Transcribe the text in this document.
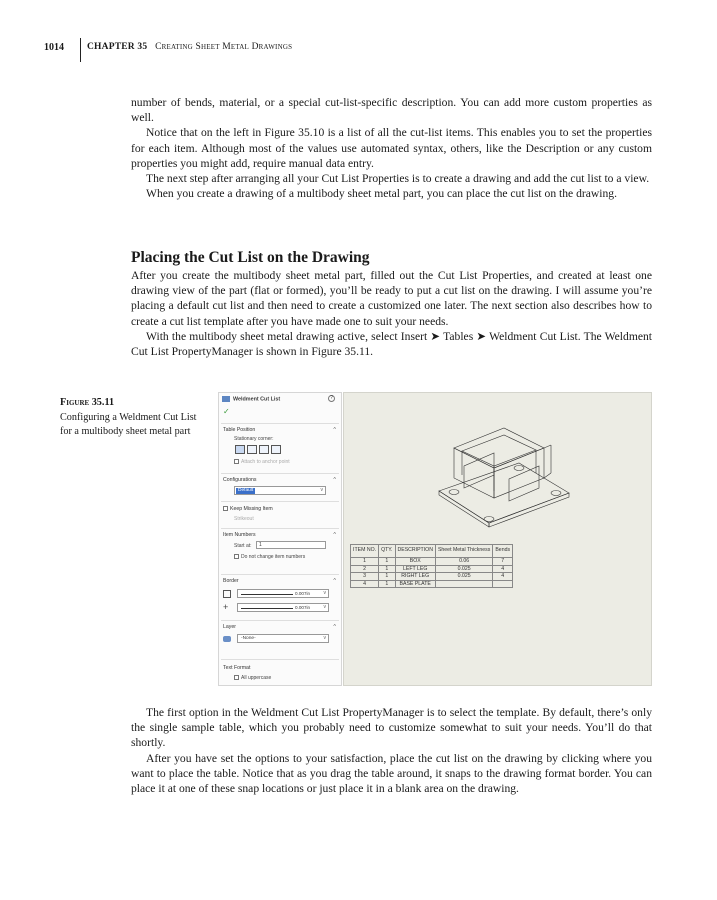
1014 CHAPTER 35 Creating Sheet Metal Drawings

number of bends, material, or a special cut-list-specific description. You can add more custom properties as well.

Notice that on the left in Figure 35.10 is a list of all the cut-list items. This enables you to set the properties for each item. Although most of the values use automated syntax, others, like the Description or any custom properties you might add, require manual data entry.

The next step after arranging all your Cut List Properties is to create a drawing and add the cut list to a view.

When you create a drawing of a multibody sheet metal part, you can place the cut list on the drawing.

Placing the Cut List on the Drawing

After you create the multibody sheet metal part, filled out the Cut List Properties, and created at least one drawing view of the part (flat or formed), you’ll be ready to put a cut list on the drawing. I will assume you’re placing a default cut list and then need to create a customized one later. The next section also describes how to create a cut list template after you have made one to suit your needs.

With the multibody sheet metal drawing active, select Insert ➤ Tables ➤ Weldment Cut List. The Weldment Cut List PropertyManager is shown in Figure 35.11.

Figure 35.11
Configuring a Weldment Cut List for a multibody sheet metal part
Weldment Cut List	?
✓
Table Position	^
Stationary corner:
Attach to anchor point
Configurations	^
Default	v
Keep Missing Item
Strikeout
Item Numbers	^
Start at:	1
Do not change item numbers
Border	^
0.007in	v
+	0.007in	v
Layer	^
-None-	v
Text Format
All uppercase
ITEM NO.	QTY.	DESCRIPTION	Sheet Metal Thickness	Bends
1	1	BOX	0.06	7
2	1	LEFT LEG	0.025	4
3	1	RIGHT LEG	0.025	4
4	1	BASE PLATE		

The first option in the Weldment Cut List PropertyManager is to select the template. By default, there’s only the single sample table, which you probably need to customize somewhat to suit your needs. You’ll do that shortly.

After you have set the options to your satisfaction, place the cut list on the drawing by clicking where you want to place the table. Notice that as you drag the table around, it snaps to the drawing format border. You can place it at one of these snap locations or just place it in a blank area on the drawing.
